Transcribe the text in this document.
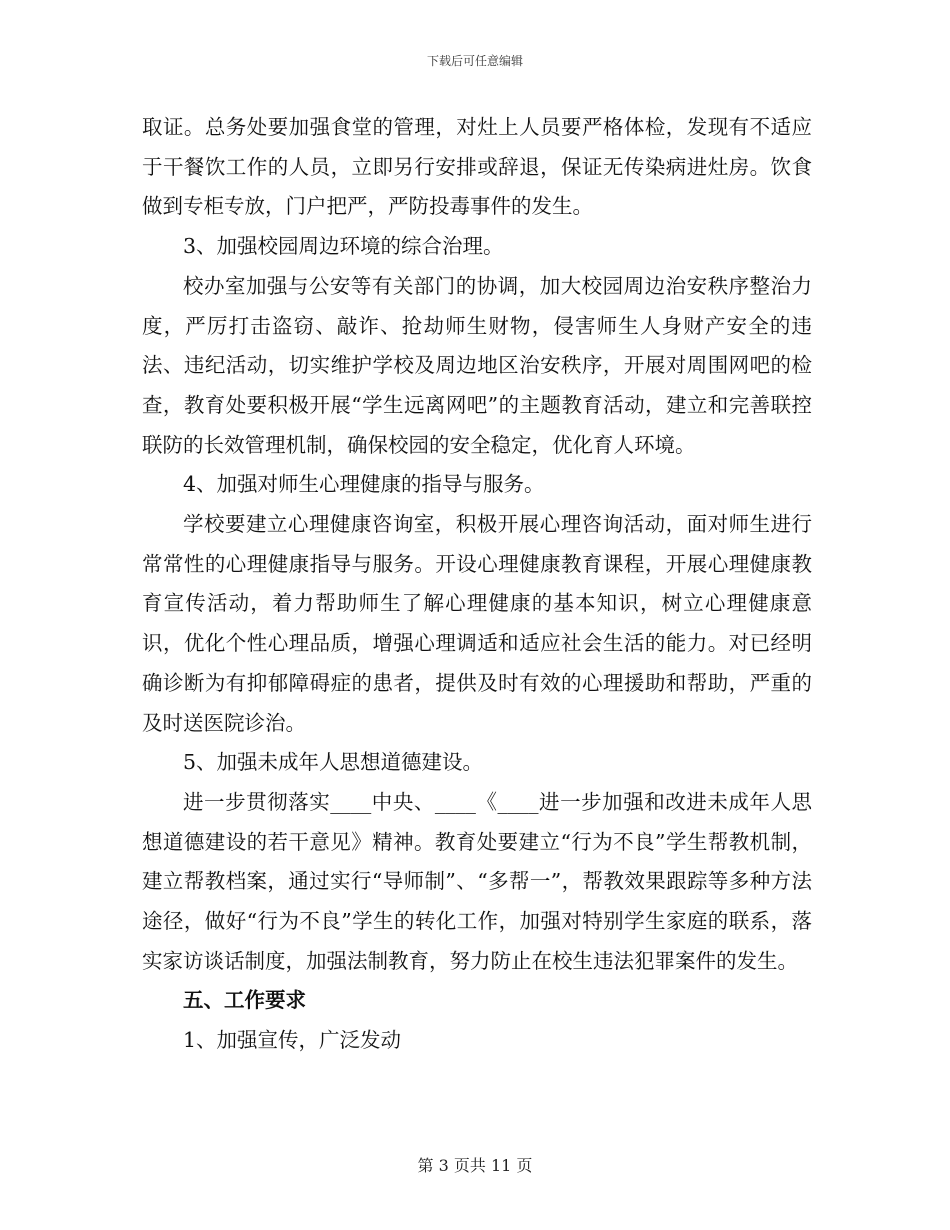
下载后可任意编辑

取证。总务处要加强食堂的管理，对灶上人员要严格体检，发现有不适应于干餐饮工作的人员，立即另行安排或辞退，保证无传染病进灶房。饮食做到专柜专放，门户把严，严防投毒事件的发生。

3、加强校园周边环境的综合治理。

校办室加强与公安等有关部门的协调，加大校园周边治安秩序整治力度，严厉打击盗窃、敲诈、抢劫师生财物，侵害师生人身财产安全的违法、违纪活动，切实维护学校及周边地区治安秩序，开展对周围网吧的检查，教育处要积极开展“学生远离网吧”的主题教育活动，建立和完善联控联防的长效管理机制，确保校园的安全稳定，优化育人环境。

4、加强对师生心理健康的指导与服务。

学校要建立心理健康咨询室，积极开展心理咨询活动，面对师生进行常常性的心理健康指导与服务。开设心理健康教育课程，开展心理健康教育宣传活动，着力帮助师生了解心理健康的基本知识，树立心理健康意识，优化个性心理品质，增强心理调适和适应社会生活的能力。对已经明确诊断为有抑郁障碍症的患者，提供及时有效的心理援助和帮助，严重的及时送医院诊治。

5、加强未成年人思想道德建设。

进一步贯彻落实____中央、____《____进一步加强和改进未成年人思想道德建设的若干意见》精神。教育处要建立“行为不良”学生帮教机制，建立帮教档案，通过实行“导师制”、“多帮一”，帮教效果跟踪等多种方法途径，做好“行为不良”学生的转化工作，加强对特别学生家庭的联系，落实家访谈话制度，加强法制教育，努力防止在校生违法犯罪案件的发生。

五、工作要求

1、加强宣传，广泛发动

第 3 页共 11 页
